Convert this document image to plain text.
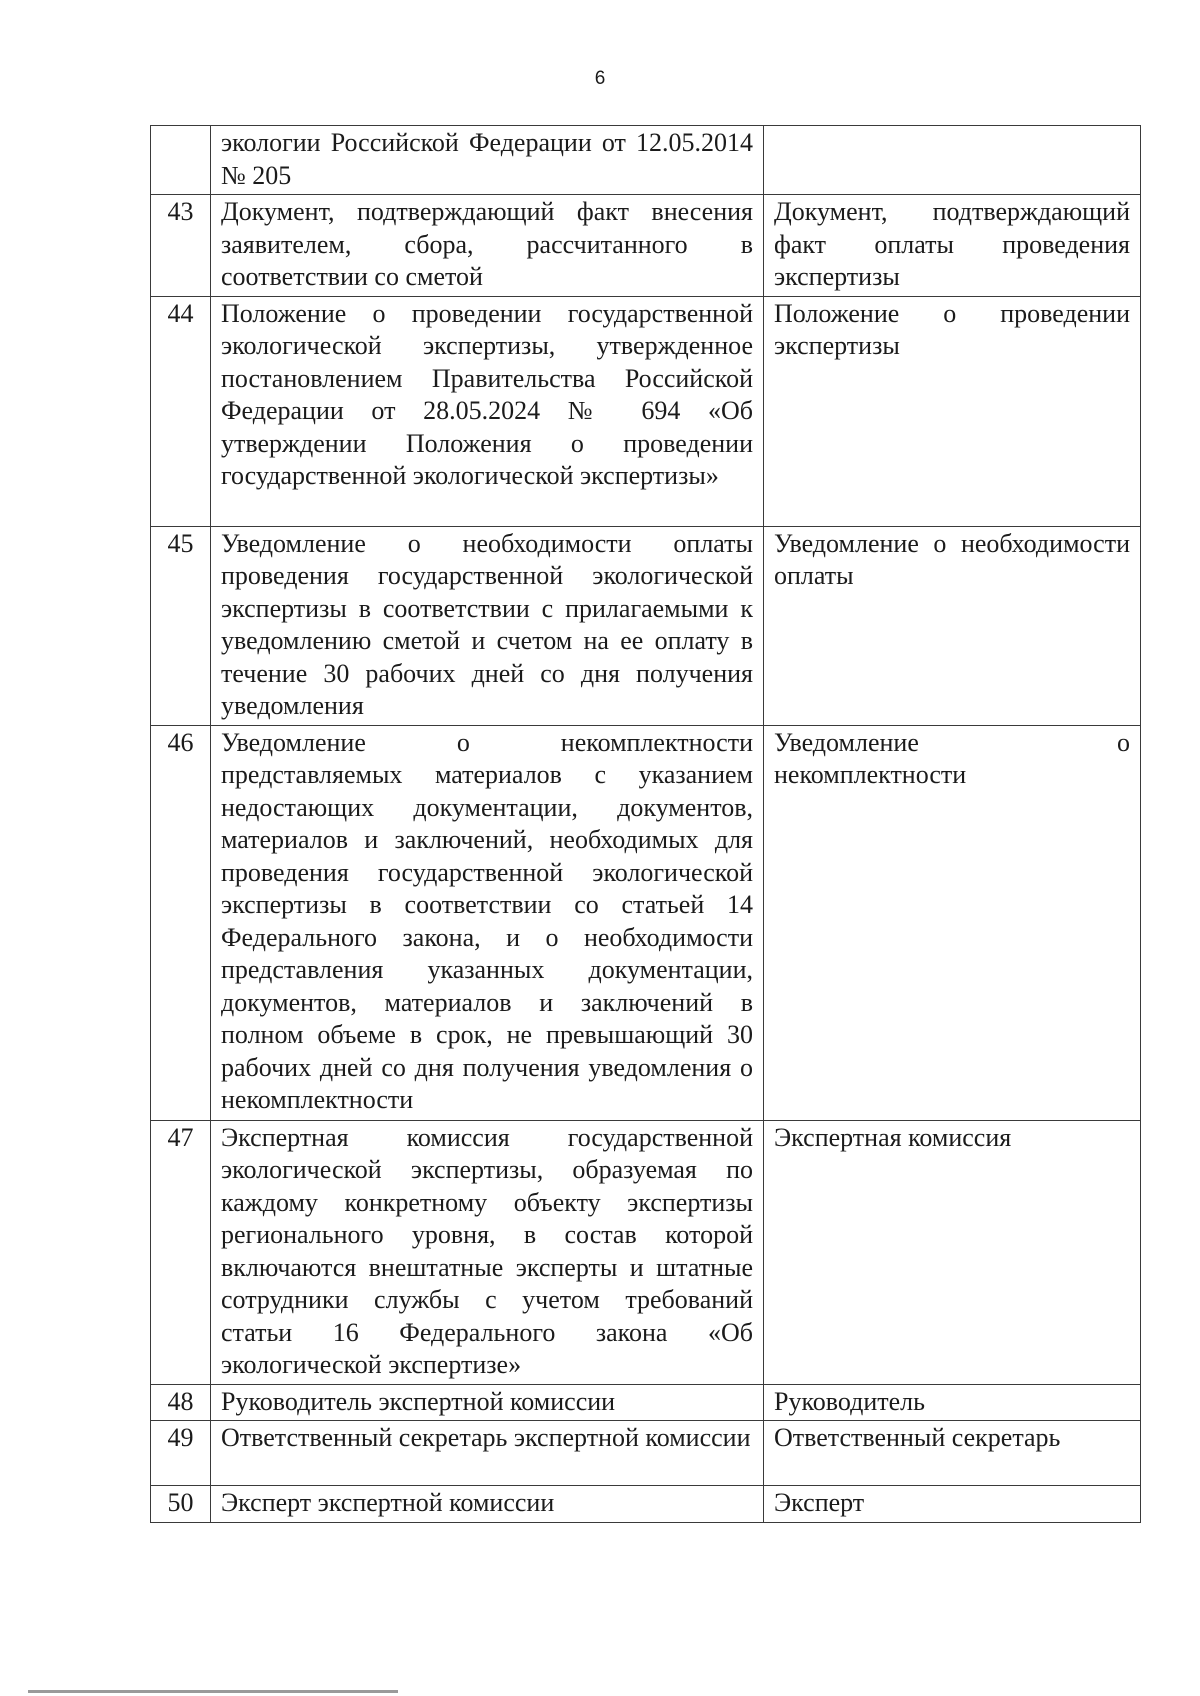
6
	экологии Российской Федерации от 12.05.2014 № 205	
43	Документ, подтверждающий факт внесения заявителем, сбора, рассчитанного в соответствии со сметой	Документ, подтверждающий факт оплаты проведения экспертизы
44	Положение о проведении государственной экологической экспертизы, утвержденное постановлением Правительства Российской Федерации от 28.05.2024 № 694 «Об утверждении Положения о проведении государственной экологической экспертизы»	Положение о проведении экспертизы
45	Уведомление о необходимости оплаты проведения государственной экологической экспертизы в соответствии с прилагаемыми к уведомлению сметой и счетом на ее оплату в течение 30 рабочих дней со дня получения уведомления	Уведомление о необходимости оплаты
46	Уведомление о некомплектности представляемых материалов с указанием недостающих документации, документов, материалов и заключений, необходимых для проведения государственной экологической экспертизы в соответствии со статьей 14 Федерального закона, и о необходимости представления указанных документации, документов, материалов и заключений в полном объеме в срок, не превышающий 30 рабочих дней со дня получения уведомления о некомплектности	Уведомление о некомплектности
47	Экспертная комиссия государственной экологической экспертизы, образуемая по каждому конкретному объекту экспертизы регионального уровня, в состав которой включаются внештатные эксперты и штатные сотрудники службы с учетом требований статьи 16 Федерального закона «Об экологической экспертизе»	Экспертная комиссия
48	Руководитель экспертной комиссии	Руководитель
49	Ответственный секретарь экспертной комиссии	Ответственный секретарь
50	Эксперт экспертной комиссии	Эксперт
